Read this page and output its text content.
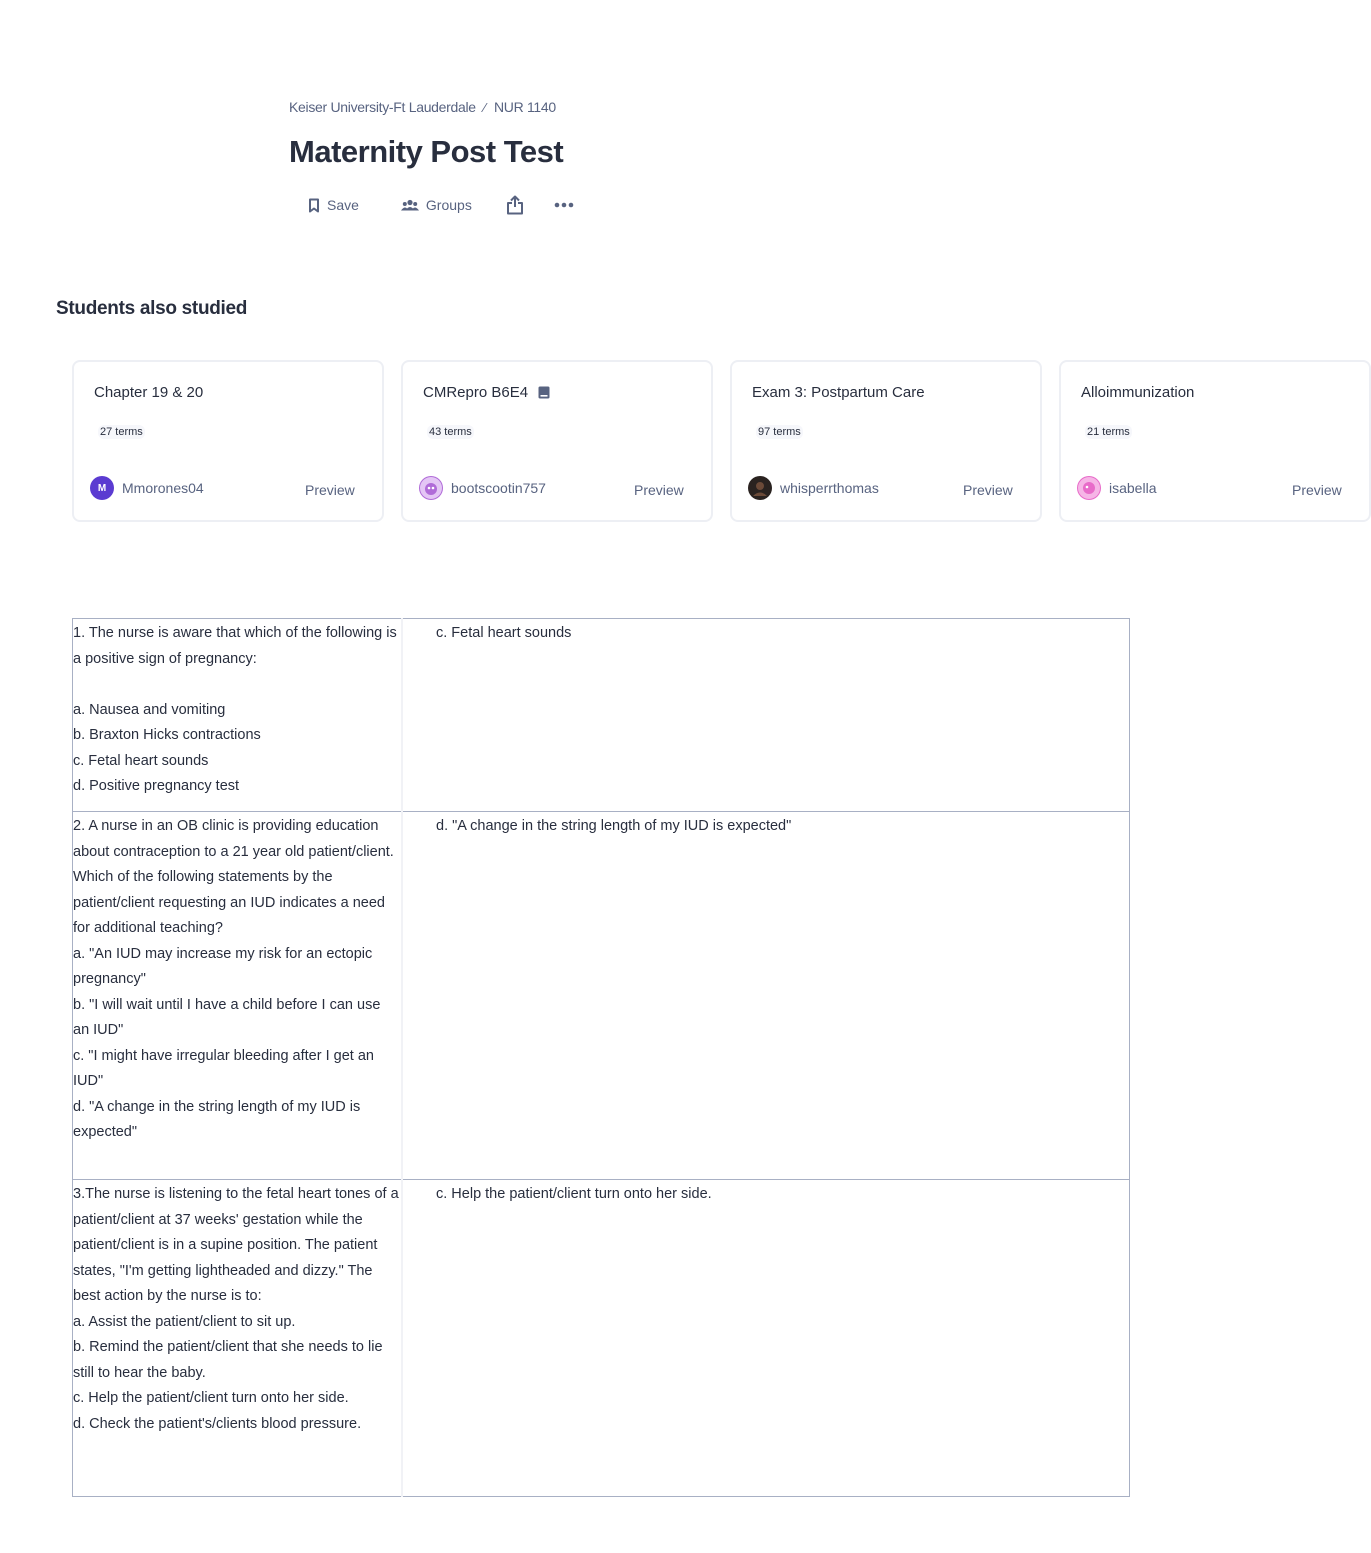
Keiser University-Ft Lauderdale ∕ NUR 1140
Maternity Post Test
Save	Groups
Students also studied
Chapter 19 & 20
27 terms
M	Mmorones04	Preview
CMRepro B6E4
43 terms
bootscootin757	Preview
Exam 3: Postpartum Care
97 terms
whisperrthomas	Preview
Alloimmunization
21 terms
isabella	Preview
1. The nurse is aware that which of the following is a positive sign of pregnancy:

a. Nausea and vomiting
b. Braxton Hicks contractions
c. Fetal heart sounds
d. Positive pregnancy test	c. Fetal heart sounds

2. A nurse in an OB clinic is providing education about contraception to a 21 year old patient/client. Which of the following statements by the patient/client requesting an IUD indicates a need for additional teaching?
a. "An IUD may increase my risk for an ectopic pregnancy"
b. "I will wait until I have a child before I can use an IUD"
c. "I might have irregular bleeding after I get an IUD"
d. "A change in the string length of my IUD is expected"	d. "A change in the string length of my IUD is expected"

3.The nurse is listening to the fetal heart tones of a patient/client at 37 weeks' gestation while the patient/client is in a supine position. The patient states, "I'm getting lightheaded and dizzy." The best action by the nurse is to:
a. Assist the patient/client to sit up.
b. Remind the patient/client that she needs to lie still to hear the baby.
c. Help the patient/client turn onto her side.
d. Check the patient's/clients blood pressure.	c. Help the patient/client turn onto her side.
